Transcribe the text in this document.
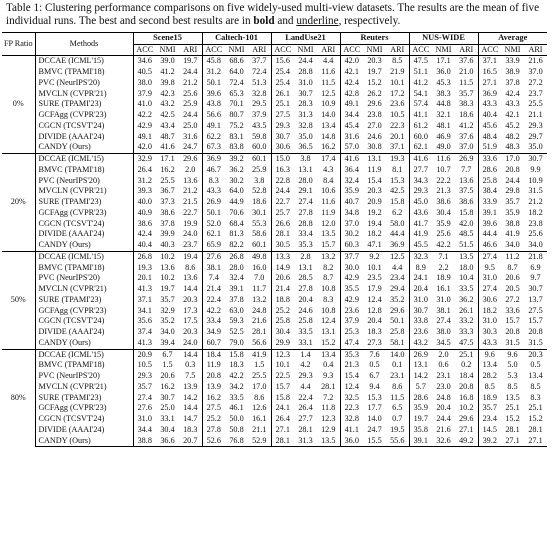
Table 1: Clustering performance comparisons on five widely-used multi-view datasets. The results are the mean of five individual runs. The best and second best results are in bold and underline, respectively.

FP Ratio	Methods	Scene15			Caltech-101			LandUse21			Reuters			NUS-WIDE			Average		
		ACC	NMI	ARI	ACC	NMI	ARI	ACC	NMI	ARI	ACC	NMI	ARI	ACC	NMI	ARI	ACC	NMI	ARI
0%	DCCAE (ICML'15)	34.6	39.0	19.7	45.8	68.6	37.7	15.6	24.4	4.4	42.0	20.3	8.5	47.5	17.1	37.6	37.1	33.9	21.6
	BMVC (TPAMI'18)	40.5	41.2	24.4	31.2	64.0	72.4	25.4	28.8	11.6	42.1	19.7	21.9	51.1	36.0	21.0	16.5	38.9	37.0
	PVC (NeurIPS'20)	38.0	39.8	21.2	50.1	72.4	51.3	25.4	31.0	11.5	42.4	15.2	10.1	41.2	45.3	11.5	27.1	37.8	27.2
	MVCLN (CVPR'21)	37.9	42.3	25.6	39.6	65.3	32.8	26.1	30.7	12.5	42.8	26.2	17.2	54.1	38.3	35.7	36.9	42.4	23.7
	SURE (TPAMI'23)	41.0	43.2	25.9	43.8	70.1	29.5	25.1	28.3	10.9	49.1	29.6	23.6	57.4	44.8	38.3	43.3	43.3	25.5
	GCFAgg (CVPR'23)	42.2	42.5	24.4	56.6	80.7	37.9	27.5	31.3	14.0	34.4	23.8	10.5	41.1	32.1	18.6	40.4	42.1	21.1
	CGCN (TCSVT'24)	42.9	43.4	25.0	49.1	75.2	43.5	29.3	32.8	13.4	45.4	27.0	22.3	61.2	48.1	41.2	45.6	45.2	29.3
	DIVIDE (AAAI'24)	49.1	48.7	31.6	62.2	83.1	59.8	30.7	35.0	14.8	31.6	24.6	20.1	60.0	46.9	37.6	48.4	48.2	29.7
	CANDY (Ours)	42.0	41.6	24.7	67.3	83.8	60.0	30.6	36.5	16.2	57.0	30.8	37.1	62.1	49.0	37.0	51.9	48.3	35.0
20%	DCCAE (ICML'15)	32.9	17.1	29.6	36.9	39.2	60.1	15.0	3.8	17.4	41.6	13.1	19.3	41.6	11.6	26.9	33.6	17.0	30.7
	BMVC (TPAMI'18)	26.4	16.2	2.0	46.7	36.2	25.9	16.3	13.1	4.3	36.4	11.9	8.1	27.7	10.7	7.7	28.6	20.8	9.9
	PVC (NeurIPS'20)	31.2	25.5	13.6	8.3	30.2	3.8	22.8	28.0	8.4	32.4	15.4	15.3	34.3	22.2	13.6	25.8	24.4	10.9
	MVCLN (CVPR'21)	39.3	36.7	21.2	43.3	64.0	52.8	24.4	29.1	10.6	35.9	20.3	42.5	29.3	21.3	37.5	38.4	29.8	31.5
	SURE (TPAMI'23)	40.0	37.3	21.5	26.9	44.9	18.6	22.7	27.4	11.6	40.7	20.9	15.8	45.0	38.6	38.6	33.9	35.7	21.2
	GCFAgg (CVPR'23)	40.9	38.6	22.7	50.1	70.6	30.1	25.7	27.8	11.9	34.8	19.2	6.2	43.6	30.4	15.8	39.1	35.9	18.2
	CGCN (TCSVT'24)	38.6	37.8	19.9	52.0	68.4	55.3	26.6	28.8	12.0	37.0	19.4	58.0	41.7	35.9	42.0	39.6	38.8	23.8
	DIVIDE (AAAI'24)	42.4	39.9	24.0	62.1	81.3	58.6	28.1	33.4	13.5	30.2	18.2	44.4	41.9	25.6	48.5	44.4	41.9	25.6
	CANDY (Ours)	40.4	40.3	23.7	65.9	82.2	60.1	30.5	35.3	15.7	60.3	47.1	36.9	45.5	42.2	51.5	46.6	34.0	34.0
50%	DCCAE (ICML'15)	26.8	10.2	19.4	27.6	26.8	49.8	13.3	2.8	13.2	37.7	9.2	12.5	32.3	7.1	13.5	27.4	11.2	21.8
	BMVC (TPAMI'18)	19.3	13.6	8.6	38.1	28.0	16.0	14.9	13.1	8.2	30.0	10.1	4.4	8.9	2.2	18.0	9.5	8.7	6.9
	PVC (NeurIPS'20)	20.1	10.2	13.6	7.4	32.4	7.0	20.6	28.5	8.7	42.9	23.5	23.4	24.1	18.9	10.4	31.0	20.6	9.7
	MVCLN (CVPR'21)	41.3	19.7	14.4	21.4	39.1	11.7	21.4	27.8	10.8	35.5	17.9	29.4	20.4	16.1	33.5	27.4	20.5	30.7
	SURE (TPAMI'23)	37.1	35.7	20.3	22.4	37.8	13.2	18.8	20.4	8.3	42.9	12.4	35.2	31.0	31.0	36.2	30.6	27.2	13.7
	GCFAgg (CVPR'23)	34.1	32.9	17.3	42.2	63.0	24.8	25.2	24.6	10.8	23.6	12.8	29.6	30.7	38.1	26.1	18.2	33.6	27.5
	CGCN (TCSVT'24)	35.6	35.2	17.5	33.4	59.3	21.6	25.8	25.8	12.4	37.9	20.4	50.1	33.8	27.4	33.2	31.0	15.7	15.7
	DIVIDE (AAAI'24)	37.4	34.0	20.3	34.9	52.5	28.1	30.4	33.5	13.1	25.3	18.3	25.8	23.6	38.0	33.3	30.3	20.8	20.8
	CANDY (Ours)	41.3	39.4	24.0	60.7	79.0	56.6	29.9	33.1	15.2	47.4	27.3	58.1	43.2	34.5	47.5	43.3	31.5	31.5
80%	DCCAE (ICML'15)	20.9	6.7	14.4	18.4	15.8	41.9	12.3	1.4	13.4	35.3	7.6	14.0	26.9	2.0	25.1	9.6	9.6	20.3
	BMVC (TPAMI'18)	10.5	1.5	0.3	11.9	18.3	1.5	10.1	4.2	0.4	21.3	0.5	0.1	13.1	0.6	0.2	13.4	5.0	0.5
	PVC (NeurIPS'20)	29.3	20.6	7.5	20.8	42.2	25.5	22.5	29.3	9.3	15.4	6.7	23.1	14.2	23.1	18.4	28.2	5.3	13.4
	MVCLN (CVPR'21)	35.7	16.2	13.9	13.9	34.2	17.0	15.7	4.4	28.1	12.4	9.4	8.6	5.7	23.0	20.8	8.5	8.5	8.5
	SURE (TPAMI'23)	27.4	30.7	14.2	16.2	33.5	8.6	15.8	22.4	7.2	32.5	15.3	11.5	28.6	24.8	16.8	18.9	13.5	8.3
	GCFAgg (CVPR'23)	27.6	25.0	14.4	27.5	46.1	12.6	24.1	26.4	11.8	22.3	17.7	6.5	35.9	20.4	10.2	35.7	25.1	25.1
	CGCN (TCSVT'24)	31.0	33.1	14.7	25.2	50.0	16.1	26.4	27.7	12.3	32.8	14.0	0.7	19.7	24.4	29.6	23.4	15.2	15.2
	DIVIDE (AAAI'24)	34.4	30.4	18.3	27.8	50.8	21.1	27.1	28.1	12.9	41.1	24.7	19.5	35.8	21.6	27.1	14.5	28.1	28.1
	CANDY (Ours)	38.8	36.6	20.7	52.6	76.8	52.9	28.1	31.3	13.5	36.0	15.5	55.6	39.1	32.6	49.2	39.2	27.1	27.1
